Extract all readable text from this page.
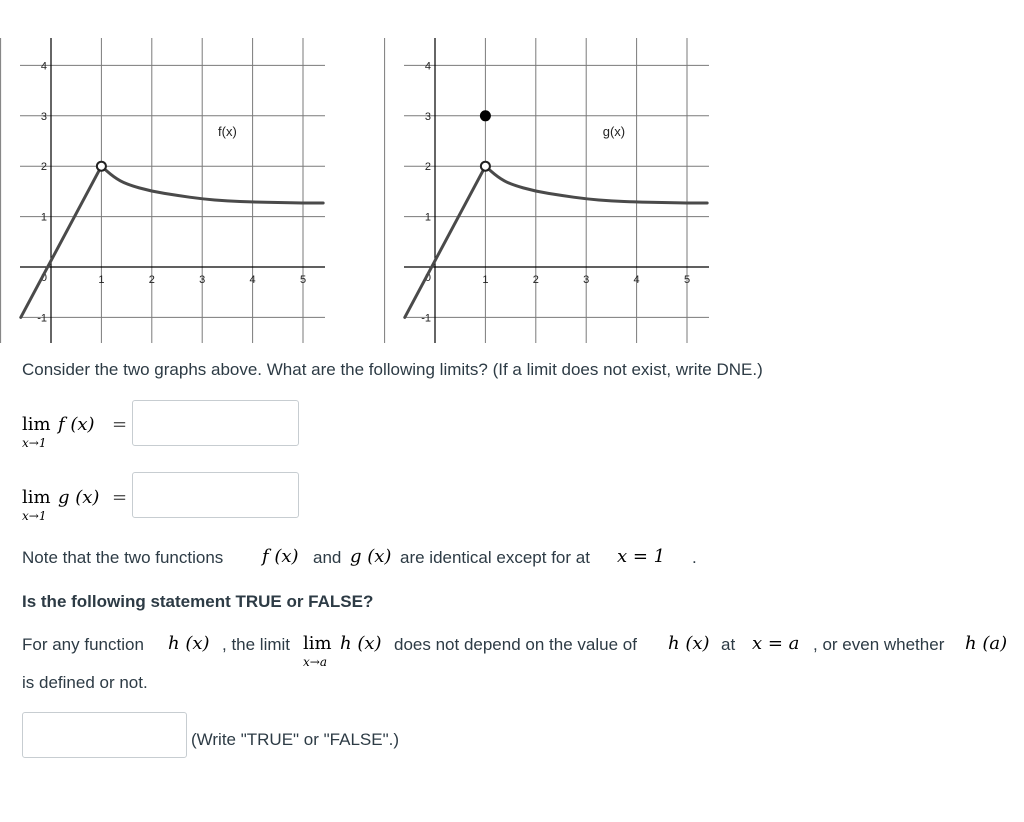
1	2	3	4	5
-1
1
2
3
4
0
f(x)
1	2	3	4	5
-1
1
2
3
4
0
g(x)
Consider the two graphs above. What are the following limits? (If a limit does not exist, write DNE.)
lim f (x) =
x→1
lim g (x) =
x→1
Note that the two functions f (x) and g (x) are identical except for at x = 1 .
Is the following statement TRUE or FALSE?
For any function h (x) , the limit lim h (x)
x→a
does not depend on the value of h (x) at x = a , or even whether h (a)
is defined or not.
(Write "TRUE" or "FALSE".)
